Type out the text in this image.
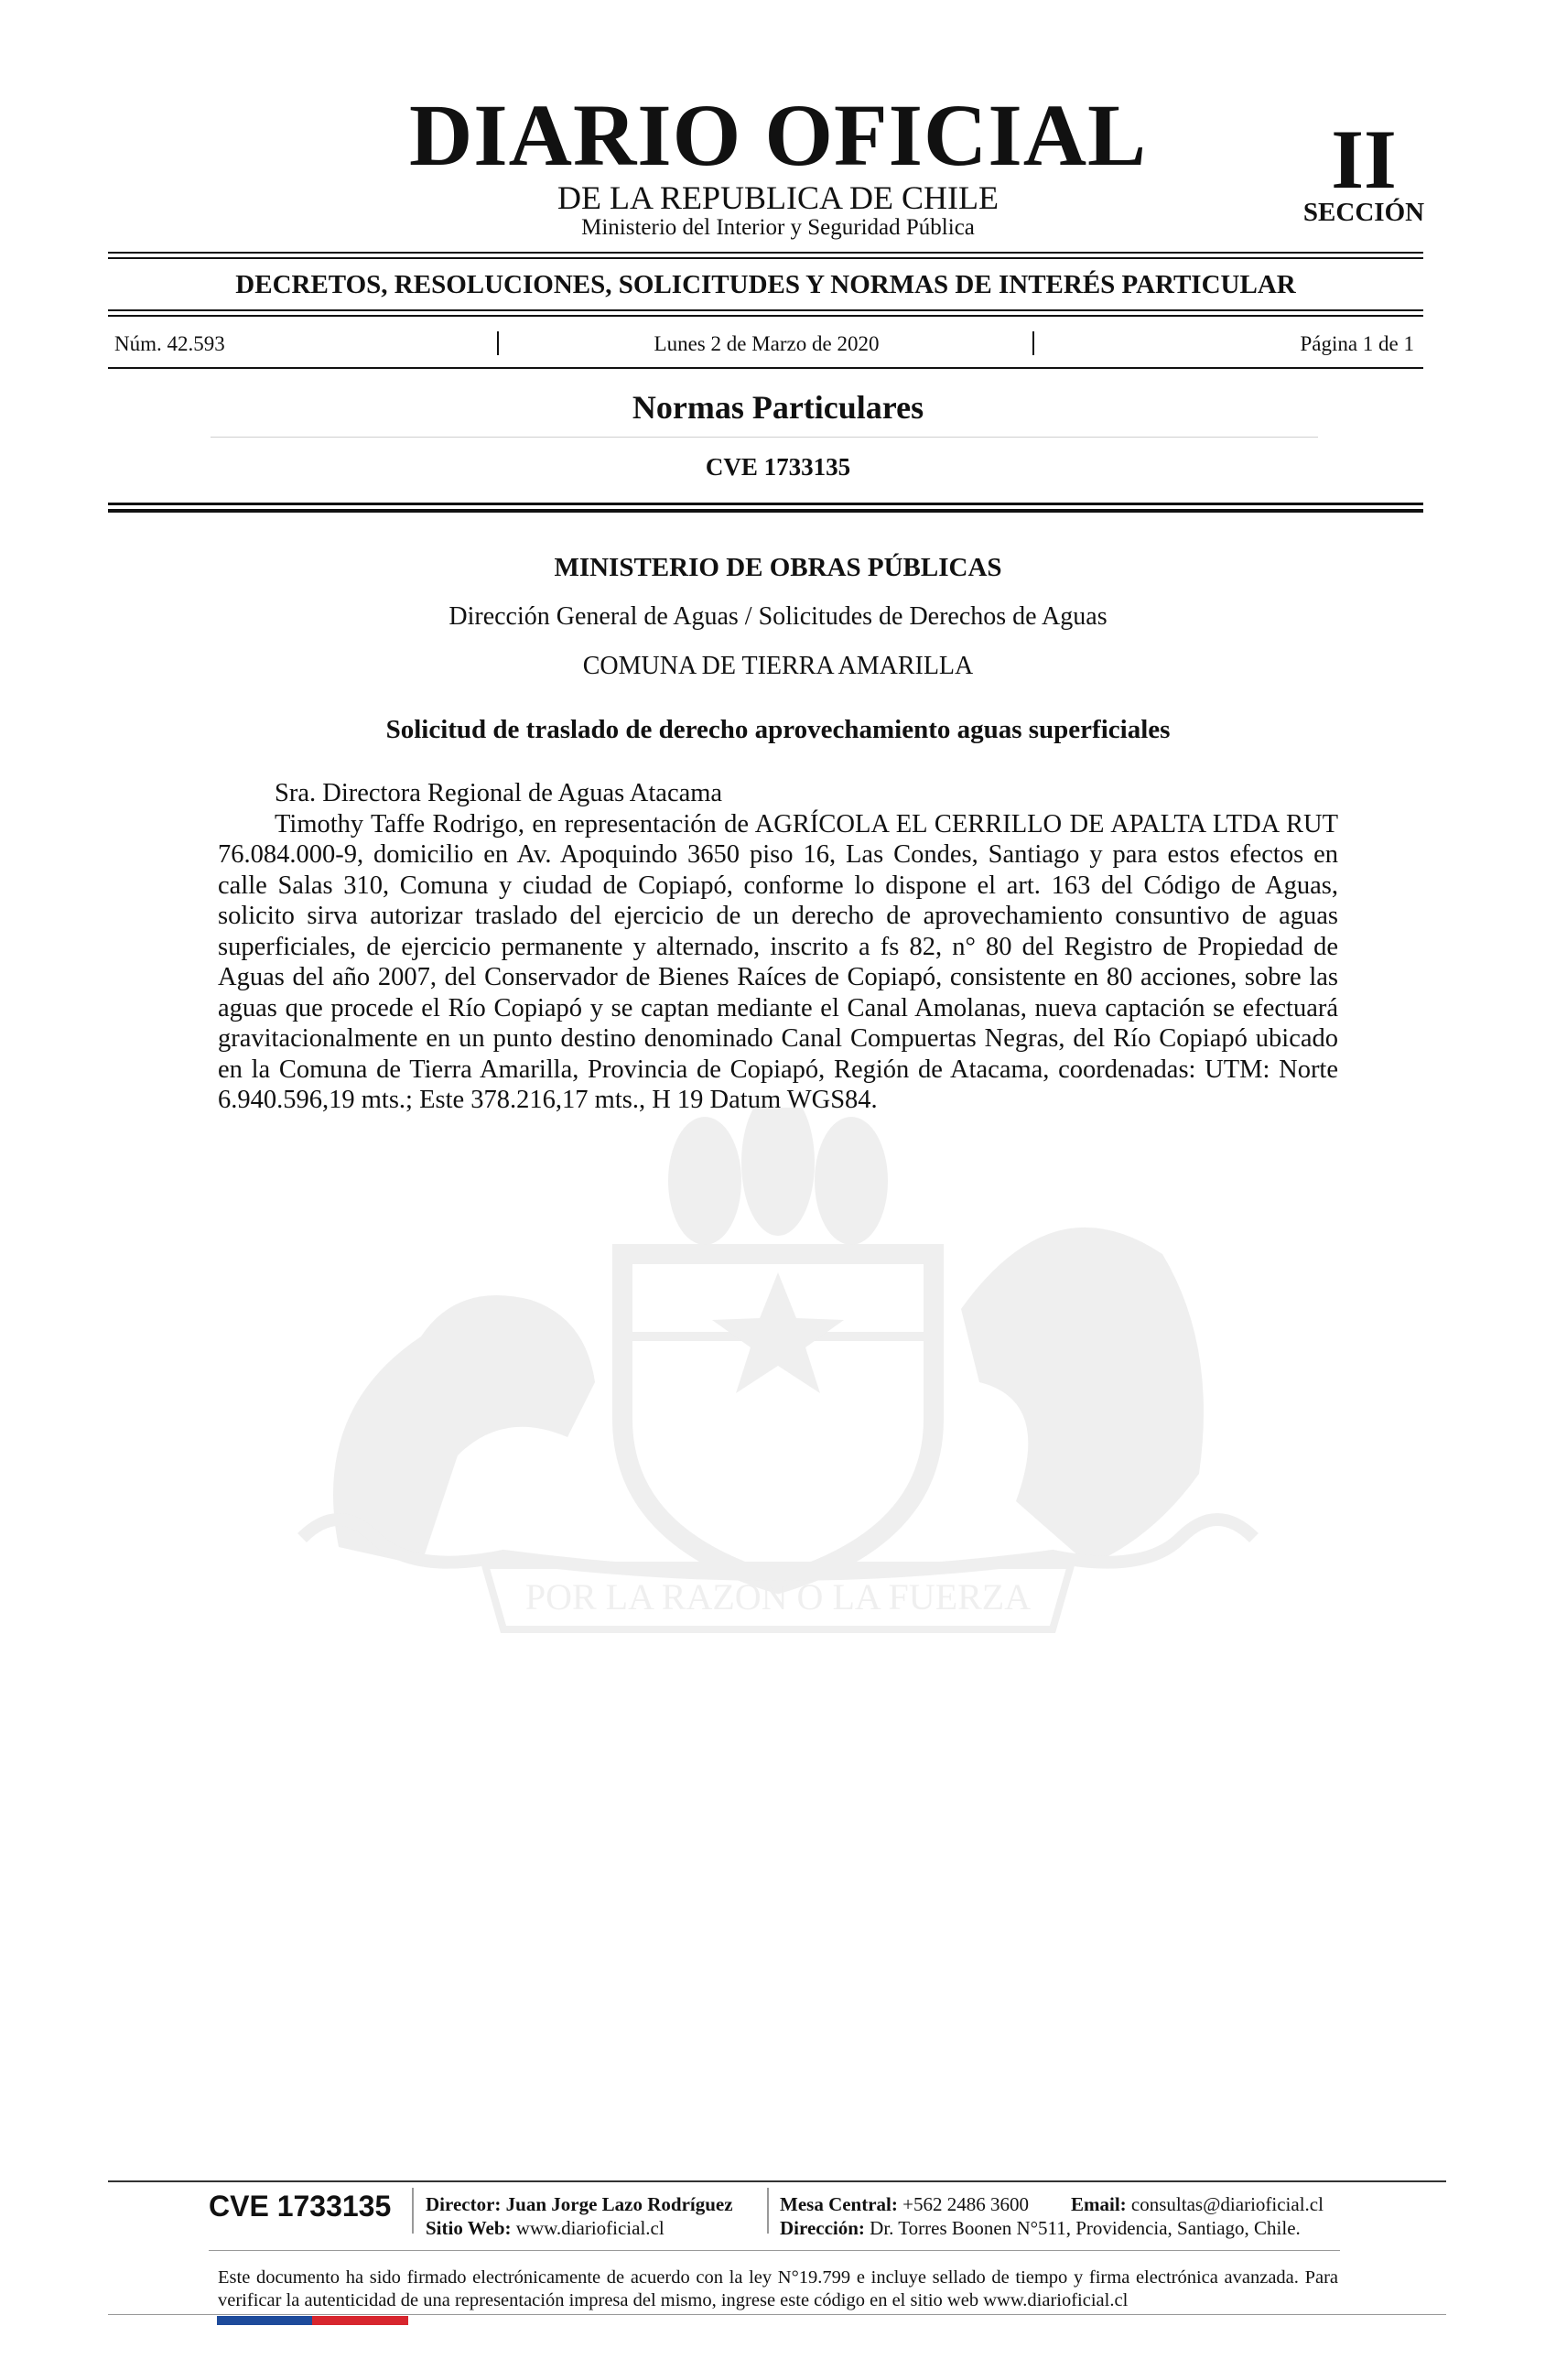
DIARIO OFICIAL
DE LA REPUBLICA DE CHILE
Ministerio del Interior y Seguridad Pública
II
SECCIÓN
DECRETOS, RESOLUCIONES, SOLICITUDES Y NORMAS DE INTERÉS PARTICULAR
Núm. 42.593	Lunes 2 de Marzo de 2020	Página 1 de 1
Normas Particulares
CVE 1733135
POR LA RAZON O LA FUERZA
MINISTERIO DE OBRAS PÚBLICAS
Dirección General de Aguas / Solicitudes de Derechos de Aguas
COMUNA DE TIERRA AMARILLA
Solicitud de traslado de derecho aprovechamiento aguas superficiales
Sra. Directora Regional de Aguas Atacama
Timothy Taffe Rodrigo, en representación de AGRÍCOLA EL CERRILLO DE APALTA LTDA RUT 76.084.000-9, domicilio en Av. Apoquindo 3650 piso 16, Las Condes, Santiago y para estos efectos en calle Salas 310, Comuna y ciudad de Copiapó, conforme lo dispone el art. 163 del Código de Aguas, solicito sirva autorizar traslado del ejercicio de un derecho de aprovechamiento consuntivo de aguas superficiales, de ejercicio permanente y alternado, inscrito a fs 82, n° 80 del Registro de Propiedad de Aguas del año 2007, del Conservador de Bienes Raíces de Copiapó, consistente en 80 acciones, sobre las aguas que procede el Río Copiapó y se captan mediante el Canal Amolanas, nueva captación se efectuará gravitacionalmente en un punto destino denominado Canal Compuertas Negras, del Río Copiapó ubicado en la Comuna de Tierra Amarilla, Provincia de Copiapó, Región de Atacama, coordenadas: UTM: Norte 6.940.596,19 mts.; Este 378.216,17 mts., H 19 Datum WGS84.
CVE 1733135 Director: Juan Jorge Lazo Rodríguez
Sitio Web: www.diarioficial.cl
Mesa Central: +562 2486 3600 Email: consultas@diarioficial.cl
Dirección: Dr. Torres Boonen N°511, Providencia, Santiago, Chile.
Este documento ha sido firmado electrónicamente de acuerdo con la ley N°19.799 e incluye sellado de tiempo y firma electrónica avanzada. Para verificar la autenticidad de una representación impresa del mismo, ingrese este código en el sitio web www.diarioficial.cl
